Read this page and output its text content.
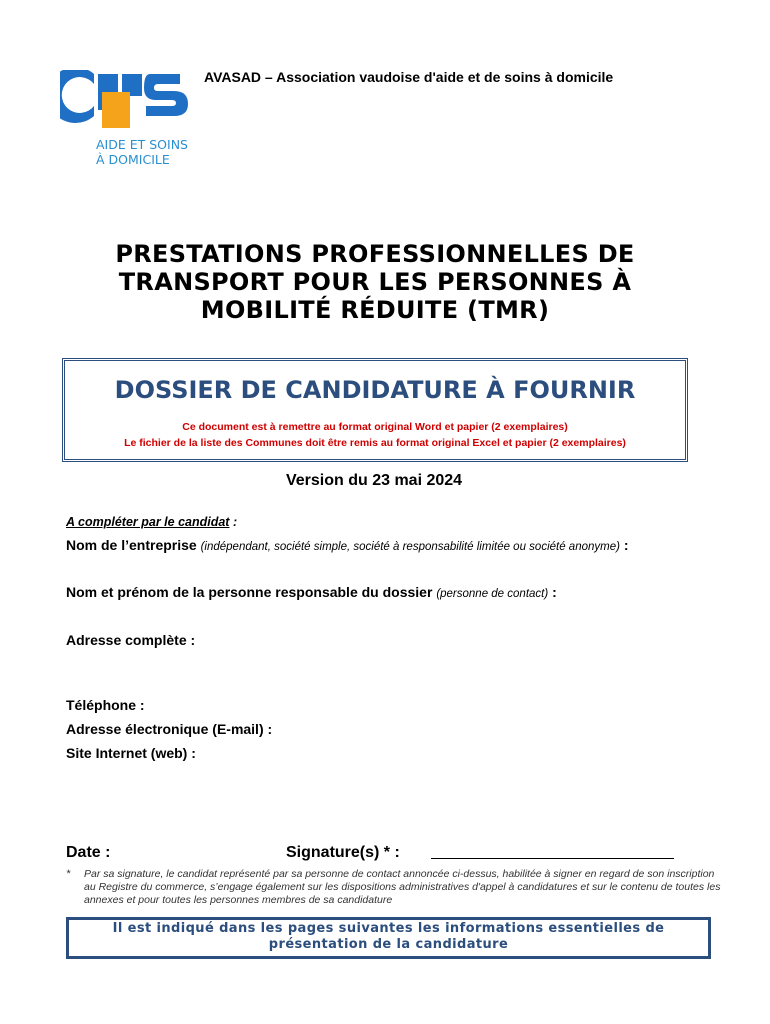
AIDE ET SOINS
À DOMICILE
AVASAD – Association vaudoise d'aide et de soins à domicile
PRESTATIONS PROFESSIONNELLES DE
TRANSPORT POUR LES PERSONNES À
MOBILITÉ RÉDUITE (TMR)
DOSSIER DE CANDIDATURE À FOURNIR
Ce document est à remettre au format original Word et papier (2 exemplaires)
Le fichier de la liste des Communes doit être remis au format original Excel et papier (2 exemplaires)
Version du 23 mai 2024
A compléter par le candidat :
Nom de l’entreprise (indépendant, société simple, société à responsabilité limitée ou société anonyme) :
Nom et prénom de la personne responsable du dossier (personne de contact) :
Adresse complète :
Téléphone :
Adresse électronique (E-mail) :
Site Internet (web) :
Date :	Signature(s) * :
* Par sa signature, le candidat représenté par sa personne de contact annoncée ci-dessus, habilitée à signer en regard de son inscription au Registre du commerce, s’engage également sur les dispositions administratives d'appel à candidatures et sur le contenu de toutes les annexes et pour toutes les personnes membres de sa candidature
Il est indiqué dans les pages suivantes les informations essentielles de
présentation de la candidature
